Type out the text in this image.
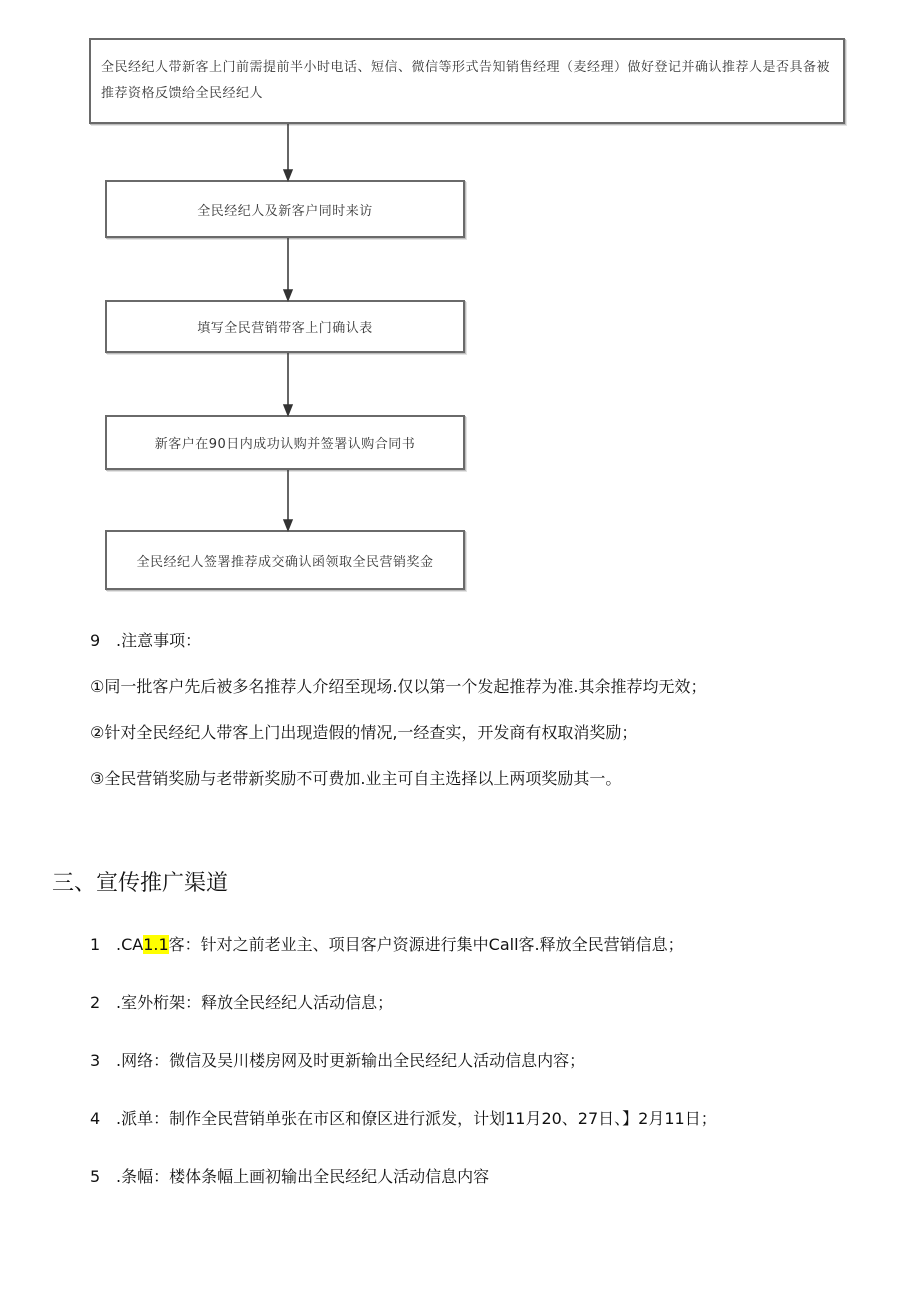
全民经纪人带新客上门前需提前半小时电话、短信、微信等形式告知销售经理（麦经理）做好登记并确认推荐人是否具备被推荐资格反馈给全民经纪人
全民经纪人及新客户同时来访
填写全民营销带客上门确认表
新客户在90日内成功认购并签署认购合同书
全民经纪人签署推荐成交确认函领取全民营销奖金
9 .注意事项：
①同一批客户先后被多名推荐人介绍至现场.仅以第一个发起推荐为准.其余推荐均无效；
②针对全民经纪人带客上门出现造假的情况,一经查实，开发商有权取消奖励；
③全民营销奖励与老带新奖励不可费加.业主可自主选择以上两项奖励其一。
三、宣传推广渠道
1 .CA1.1客：针对之前老业主、项目客户资源进行集中Call客.释放全民营销信息；
2 .室外桁架：释放全民经纪人活动信息；
3 .网络：微信及吴川楼房网及时更新输出全民经纪人活动信息内容；
4 .派单：制作全民营销单张在市区和僚区进行派发，计划11月20、27日、】2月11日；
5 .条幅：楼体条幅上画初输出全民经纪人活动信息内容
